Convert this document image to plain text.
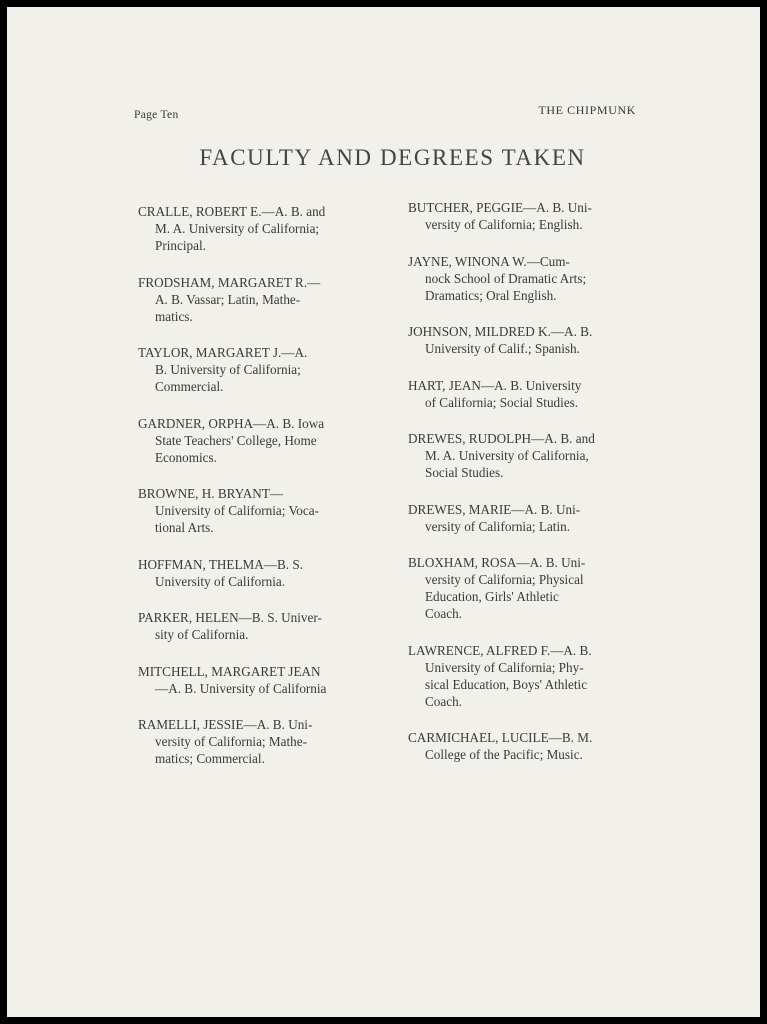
Page Ten	THE CHIPMUNK
FACULTY AND DEGREES TAKEN
CRALLE, ROBERT E.—A. B. and
M. A. University of California;
Principal.
FRODSHAM, MARGARET R.—
A. B. Vassar; Latin, Mathe-
matics.
TAYLOR, MARGARET J.—A.
B. University of California;
Commercial.
GARDNER, ORPHA—A. B. Iowa
State Teachers' College, Home
Economics.
BROWNE, H. BRYANT—
University of California; Voca-
tional Arts.
HOFFMAN, THELMA—B. S.
University of California.
PARKER, HELEN—B. S. Univer-
sity of California.
MITCHELL, MARGARET JEAN
—A. B. University of California
RAMELLI, JESSIE—A. B. Uni-
versity of California; Mathe-
matics; Commercial.
BUTCHER, PEGGIE—A. B. Uni-
versity of California; English.
JAYNE, WINONA W.—Cum-
nock School of Dramatic Arts;
Dramatics; Oral English.
JOHNSON, MILDRED K.—A. B.
University of Calif.; Spanish.
HART, JEAN—A. B. University
of California; Social Studies.
DREWES, RUDOLPH—A. B. and
M. A. University of California,
Social Studies.
DREWES, MARIE—A. B. Uni-
versity of California; Latin.
BLOXHAM, ROSA—A. B. Uni-
versity of California; Physical
Education, Girls' Athletic
Coach.
LAWRENCE, ALFRED F.—A. B.
University of California; Phy-
sical Education, Boys' Athletic
Coach.
CARMICHAEL, LUCILE—B. M.
College of the Pacific; Music.
